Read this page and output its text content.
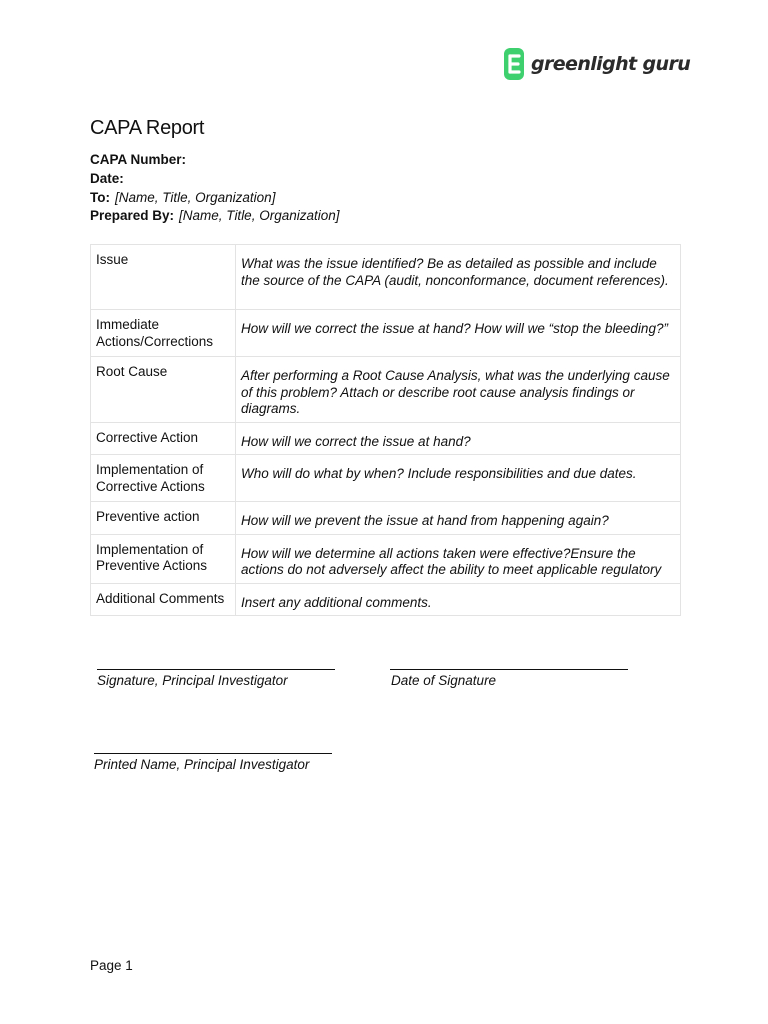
greenlight guru
CAPA Report
CAPA Number:
Date:
To: [Name, Title, Organization]
Prepared By: [Name, Title, Organization]
Issue	What was the issue identified? Be as detailed as possible and include the source of the CAPA (audit, nonconformance, document references).
Immediate Actions/Corrections	How will we correct the issue at hand? How will we “stop the bleeding?”
Root Cause	After performing a Root Cause Analysis, what was the underlying cause of this problem? Attach or describe root cause analysis findings or diagrams.
Corrective Action	How will we correct the issue at hand?
Implementation of Corrective Actions	Who will do what by when? Include responsibilities and due dates.
Preventive action	How will we prevent the issue at hand from happening again?
Implementation of Preventive Actions	How will we determine all actions taken were effective?Ensure the actions do not adversely affect the ability to meet applicable regulatory
Additional Comments	Insert any additional comments.
Signature, Principal Investigator	Date of Signature
Printed Name, Principal Investigator
Page 1
